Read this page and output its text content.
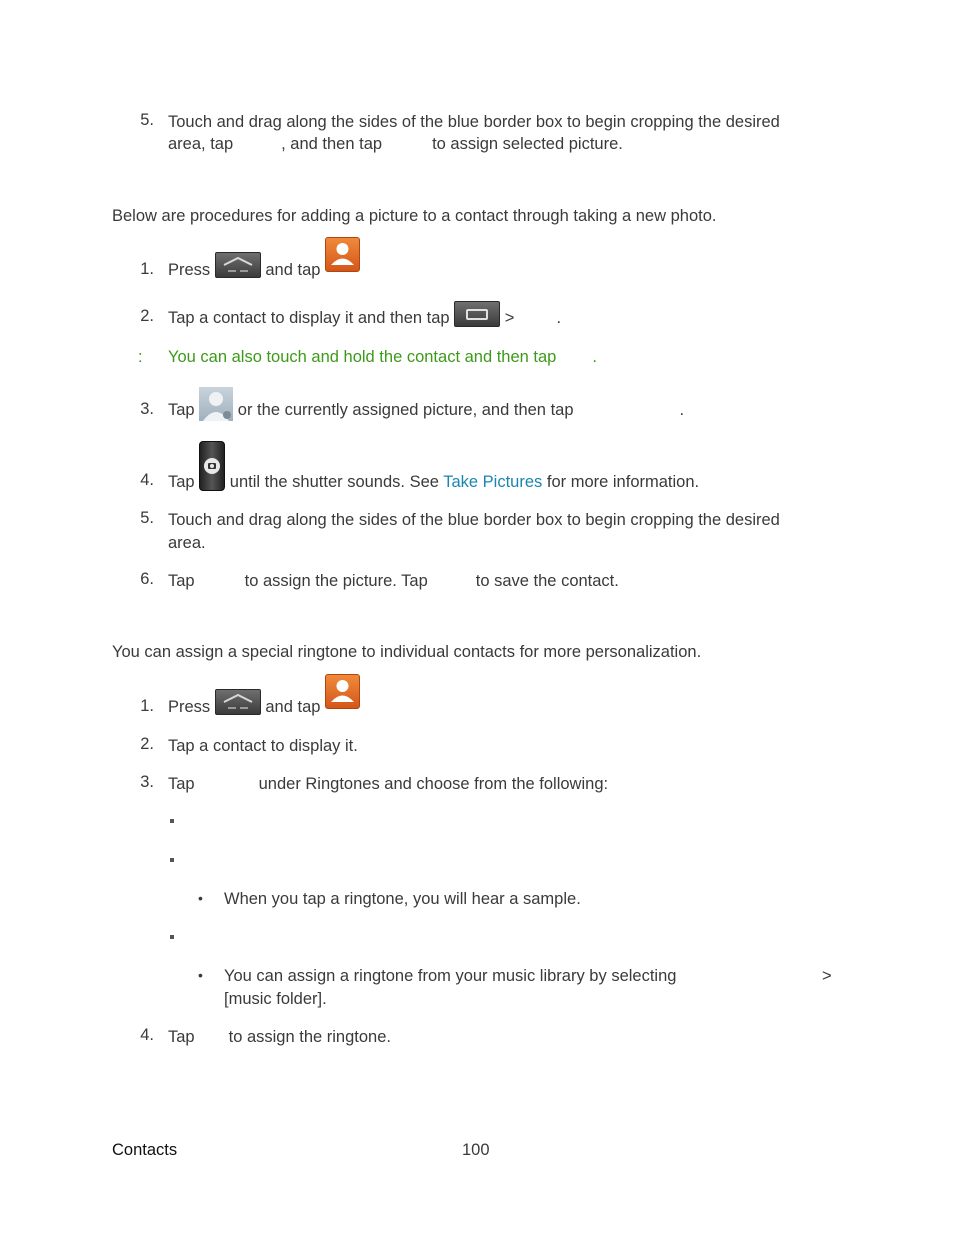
5. Touch and drag along the sides of the blue border box to begin cropping the desired
area, tap	, and then tap	to assign selected picture.
Below are procedures for adding a picture to a contact through taking a new photo.
1. Press	and tap
2. Tap a contact to display it and then tap	>	.
: You can also touch and hold the contact and then tap .
3. Tap	or the currently assigned picture, and then tap	.
4. Tap until the shutter sounds. See Take Pictures for more information.
5. Touch and drag along the sides of the blue border box to begin cropping the desired
area.
6. Tap	to assign the picture. Tap	to save the contact.
You can assign a special ringtone to individual contacts for more personalization.
1. Press	and tap
2. Tap a contact to display it.
3. Tap	under Ringtones and choose from the following:
• When you tap a ringtone, you will hear a sample.
• You can assign a ringtone from your music library by selecting	>
[music folder].
4. Tap to assign the ringtone.
Contacts	100
